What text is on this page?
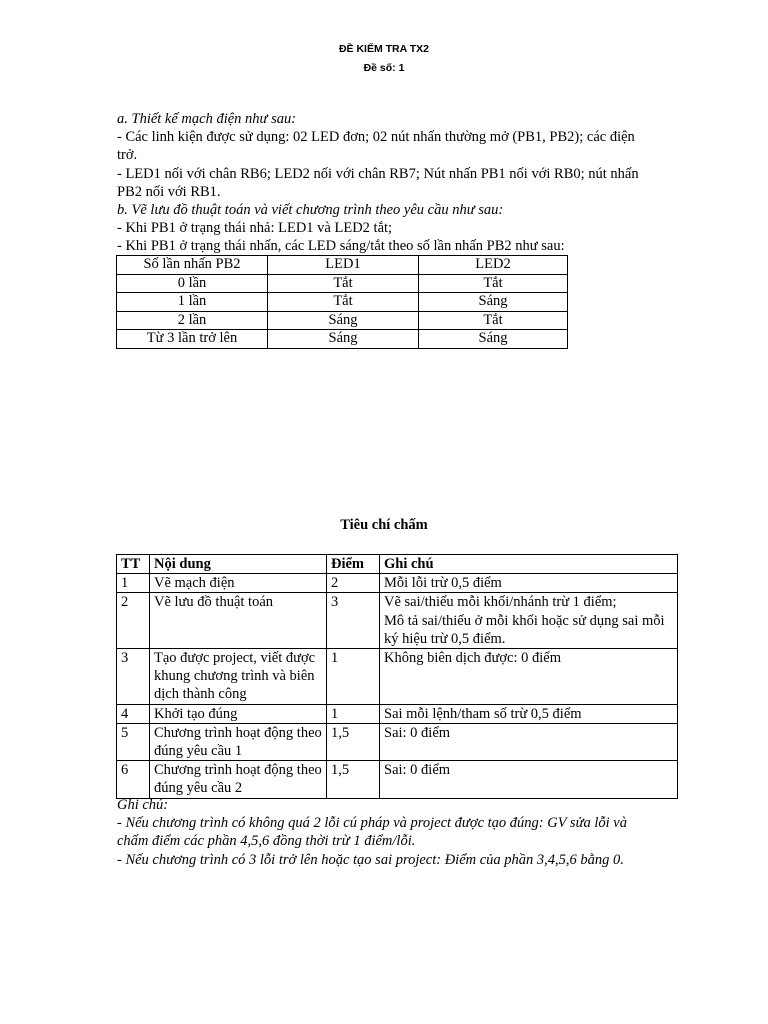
ĐỀ KIỂM TRA TX2
Đề số: 1

a. Thiết kế mạch điện như sau:

- Các linh kiện được sử dụng: 02 LED đơn; 02 nút nhấn thường mở (PB1, PB2); các điện trở.

- LED1 nối với chân RB6; LED2 nối với chân RB7; Nút nhấn PB1 nối với RB0; nút nhấn PB2 nối với RB1.

b. Vẽ lưu đồ thuật toán và viết chương trình theo yêu cầu như sau:

- Khi PB1 ở trạng thái nhả: LED1 và LED2 tắt;

- Khi PB1 ở trạng thái nhấn, các LED sáng/tắt theo số lần nhấn PB2 như sau:

Số lần nhấn PB2	LED1	LED2
0 lần	Tắt	Tắt
1 lần	Tắt	Sáng
2 lần	Sáng	Tắt
Từ 3 lần trở lên	Sáng	Sáng
Tiêu chí chấm
TT	Nội dung	Điểm	Ghi chú
1	Vẽ mạch điện	2	Mỗi lỗi trừ 0,5 điểm
2	Vẽ lưu đồ thuật toán	3	Vẽ sai/thiếu mỗi khối/nhánh trừ 1 điểm;
Mô tả sai/thiếu ở mỗi khối hoặc sử dụng sai mỗi ký hiệu trừ 0,5 điểm.
3	Tạo được project, viết được khung chương trình và biên dịch thành công	1	Không biên dịch được: 0 điểm
4	Khởi tạo đúng	1	Sai mỗi lệnh/tham số trừ 0,5 điểm
5	Chương trình hoạt động theo đúng yêu cầu 1	1,5	Sai: 0 điểm
6	Chương trình hoạt động theo đúng yêu cầu 2	1,5	Sai: 0 điểm

Ghi chú:

- Nếu chương trình có không quá 2 lỗi cú pháp và project được tạo đúng: GV sửa lỗi và chấm điểm các phần 4,5,6 đồng thời trừ 1 điểm/lỗi.

- Nếu chương trình có 3 lỗi trở lên hoặc tạo sai project: Điểm của phần 3,4,5,6 bằng 0.
